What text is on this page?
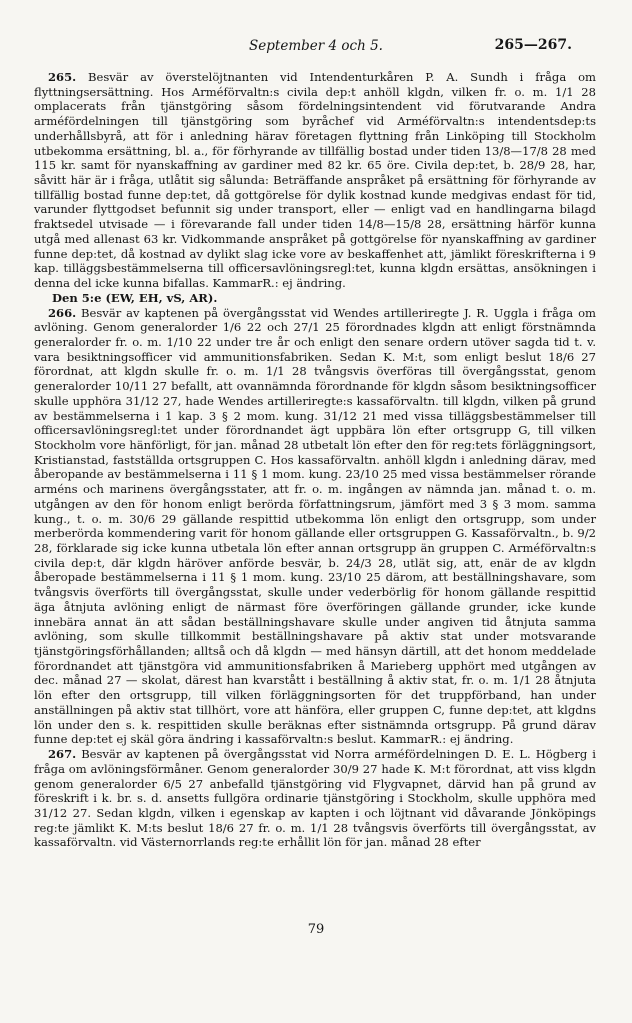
September 4 och 5.	265—267.

265. Besvär av överstelöjtnanten vid Intendenturkåren P. A. Sundh i fråga om flyttningsersättning. Hos Arméförvaltn:s civila dep:t anhöll klgdn, vilken fr. o. m. 1/1 28 omplacerats från tjänstgöring såsom fördelningsintendent vid förutvarande Andra arméfördelningen till tjänstgöring som byråchef vid Arméförvaltn:s intendentsdep:ts underhållsbyrå, att för i anledning härav företagen flyttning från Linköping till Stockholm utbekomma ersättning, bl. a., för förhyrande av tillfällig bostad under tiden 13/8—17/8 28 med 115 kr. samt för nyanskaffning av gardiner med 82 kr. 65 öre. Civila dep:tet, b. 28/9 28, har, såvitt här är i fråga, utlåtit sig sålunda: Beträffande anspråket på ersättning för förhyrande av tillfällig bostad funne dep:tet, då gottgörelse för dylik kostnad kunde medgivas endast för tid, varunder flyttgodset befunnit sig under transport, eller — enligt vad en handlingarna bilagd fraktsedel utvisade — i förevarande fall under tiden 14/8—15/8 28, ersättning härför kunna utgå med allenast 63 kr. Vidkommande anspråket på gottgörelse för nyanskaffning av gardiner funne dep:tet, då kostnad av dylikt slag icke vore av beskaffenhet att, jämlikt föreskrifterna i 9 kap. tilläggsbestämmelserna till officersavlöningsregl:tet, kunna klgdn ersättas, ansökningen i denna del icke kunna bifallas. KammarR.: ej ändring.

Den 5:e (EW, EH, vS, AR).

266. Besvär av kaptenen på övergångsstat vid Wendes artilleriregte J. R. Uggla i fråga om avlöning. Genom generalorder 1/6 22 och 27/1 25 förordnades klgdn att enligt förstnämnda generalorder fr. o. m. 1/10 22 under tre år och enligt den senare ordern utöver sagda tid t. v. vara besiktningsofficer vid ammunitionsfabriken. Sedan K. M:t, som enligt beslut 18/6 27 förordnat, att klgdn skulle fr. o. m. 1/1 28 tvångsvis överföras till övergångsstat, genom generalorder 10/11 27 befallt, att ovannämnda förordnande för klgdn såsom besiktningsofficer skulle upphöra 31/12 27, hade Wendes artilleriregte:s kassaförvaltn. till klgdn, vilken på grund av bestämmelserna i 1 kap. 3 § 2 mom. kung. 31/12 21 med vissa tilläggsbestämmelser till officersavlöningsregl:tet under förordnandet ägt uppbära lön efter ortsgrupp G, till vilken Stockholm vore hänförligt, för jan. månad 28 utbetalt lön efter den för reg:tets förläggningsort, Kristianstad, fastställda ortsgruppen C. Hos kassaförvaltn. anhöll klgdn i anledning därav, med åberopande av bestämmelserna i 11 § 1 mom. kung. 23/10 25 med vissa bestämmelser rörande arméns och marinens övergångsstater, att fr. o. m. ingången av nämnda jan. månad t. o. m. utgången av den för honom enligt berörda författningsrum, jämfört med 3 § 3 mom. samma kung., t. o. m. 30/6 29 gällande respittid utbekomma lön enligt den ortsgrupp, som under merberörda kommendering varit för honom gällande eller ortsgruppen G. Kassaförvaltn., b. 9/2 28, förklarade sig icke kunna utbetala lön efter annan ortsgrupp än gruppen C. Arméförvaltn:s civila dep:t, där klgdn häröver anförde besvär, b. 24/3 28, utlät sig, att, enär de av klgdn åberopade bestämmelserna i 11 § 1 mom. kung. 23/10 25 därom, att beställningshavare, som tvångsvis överförts till övergångsstat, skulle under vederbörlig för honom gällande respittid äga åtnjuta avlöning enligt de närmast före överföringen gällande grunder, icke kunde innebära annat än att sådan beställningshavare skulle under angiven tid åtnjuta samma avlöning, som skulle tillkommit beställningshavare på aktiv stat under motsvarande tjänstgöringsförhållanden; alltså och då klgdn — med hänsyn därtill, att det honom meddelade förordnandet att tjänstgöra vid ammunitionsfabriken å Marieberg upphört med utgången av dec. månad 27 — skolat, därest han kvarstått i beställning å aktiv stat, fr. o. m. 1/1 28 åtnjuta lön efter den ortsgrupp, till vilken förläggningsorten för det truppförband, han under anställningen på aktiv stat tillhört, vore att hänföra, eller gruppen C, funne dep:tet, att klgdns lön under den s. k. respittiden skulle beräknas efter sistnämnda ortsgrupp. På grund därav funne dep:tet ej skäl göra ändring i kassaförvaltn:s beslut. KammarR.: ej ändring.

267. Besvär av kaptenen på övergångsstat vid Norra arméfördelningen D. E. L. Högberg i fråga om avlöningsförmåner. Genom generalorder 30/9 27 hade K. M:t förordnat, att viss klgdn genom generalorder 6/5 27 anbefalld tjänstgöring vid Flygvapnet, därvid han på grund av föreskrift i k. br. s. d. ansetts fullgöra ordinarie tjänstgöring i Stockholm, skulle upphöra med 31/12 27. Sedan klgdn, vilken i egenskap av kapten i och löjtnant vid dåvarande Jönköpings reg:te jämlikt K. M:ts beslut 18/6 27 fr. o. m. 1/1 28 tvångsvis överförts till övergångsstat, av kassaförvaltn. vid Västernorrlands reg:te erhållit lön för jan. månad 28 efter

79
